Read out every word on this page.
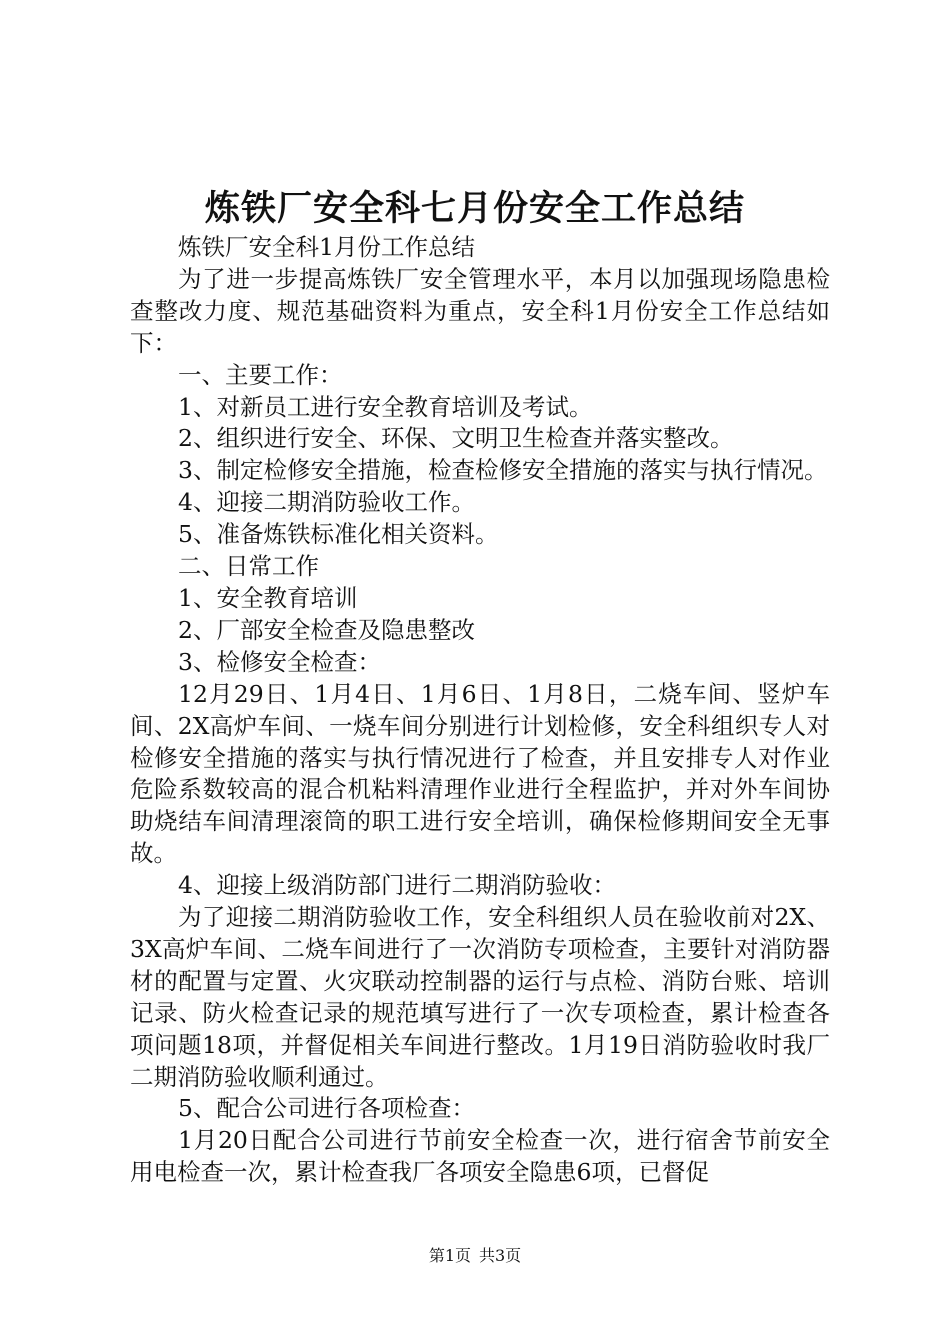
炼铁厂安全科七月份安全工作总结

炼铁厂安全科1月份工作总结

为了进一步提高炼铁厂安全管理水平，本月以加强现场隐患检查整改力度、规范基础资料为重点，安全科1月份安全工作总结如下：

一、主要工作：

1、对新员工进行安全教育培训及考试。

2、组织进行安全、环保、文明卫生检查并落实整改。

3、制定检修安全措施，检查检修安全措施的落实与执行情况。

4、迎接二期消防验收工作。

5、准备炼铁标准化相关资料。

二、日常工作

1、安全教育培训

2、厂部安全检查及隐患整改

3、检修安全检查：

12月29日、1月4日、1月6日、1月8日，二烧车间、竖炉车间、2X高炉车间、一烧车间分别进行计划检修，安全科组织专人对检修安全措施的落实与执行情况进行了检查，并且安排专人对作业危险系数较高的混合机粘料清理作业进行全程监护，并对外车间协助烧结车间清理滚筒的职工进行安全培训，确保检修期间安全无事故。

4、迎接上级消防部门进行二期消防验收：

为了迎接二期消防验收工作，安全科组织人员在验收前对2X、3X高炉车间、二烧车间进行了一次消防专项检查，主要针对消防器材的配置与定置、火灾联动控制器的运行与点检、消防台账、培训记录、防火检查记录的规范填写进行了一次专项检查，累计检查各项问题18项，并督促相关车间进行整改。1月19日消防验收时我厂二期消防验收顺利通过。

5、配合公司进行各项检查：

1月20日配合公司进行节前安全检查一次，进行宿舍节前安全用电检查一次，累计检查我厂各项安全隐患6项，已督促

第1页 共3页
